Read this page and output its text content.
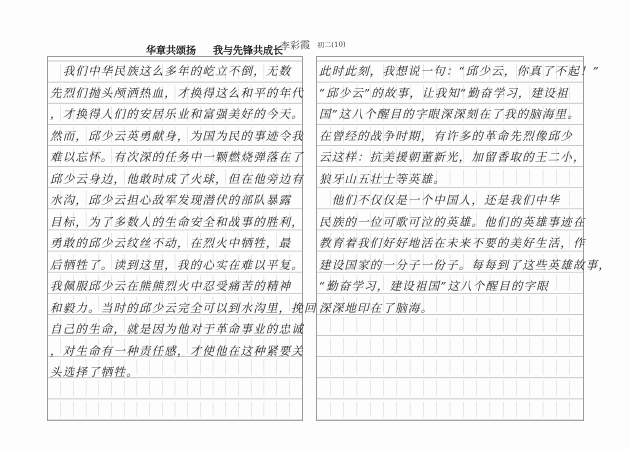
华章共颂扬 我与先锋共成长
李彩霞 初二(10)
　我们中华民族这么多年的屹立不倒，无数
先烈们抛头颅洒热血，才换得这么和平的年代
，才换得人们的安居乐业和富强美好的今天。
然而，邱少云英勇献身，为国为民的事迹令我
难以忘怀。有次深的任务中一颗燃烧弹落在了
邱少云身边，他敢时成了火球，但在他旁边有
水沟，邱少云担心敌军发现潜伏的部队暴露
目标，为了多数人的生命安全和战事的胜利，
勇敢的邱少云纹丝不动，在烈火中牺牲，最
后牺牲了。读到这里，我的心实在难以平复。
我佩服邱少云在熊熊烈火中忍受痛苦的精神
和毅力。当时的邱少云完全可以到水沟里，挽回
自己的生命，就是因为他对于革命事业的忠诚
，对生命有一种责任感，才使他在这种紧要关
头选择了牺牲。
此时此刻，我想说一句：“邱少云，你真了不起！”
“邱少云”的故事，让我知“勤奋学习，建设祖
国”这八个醒目的字眼深深刻在了我的脑海里。
在曾经的战争时期，有许多的革命先烈像邱少
云这样：抗美援朝董新光，加留香取的王二小，
狼牙山五壮士等英雄。
　他们不仅仅是一个中国人，还是我们中华
民族的一位可歌可泣的英雄。他们的英雄事迹在
教育着我们好好地活在未来不要的美好生活，作
建设国家的一分子一份子。每每到了这些英雄故事，
“勤奋学习，建设祖国”这八个醒目的字眼
深深地印在了脑海。
